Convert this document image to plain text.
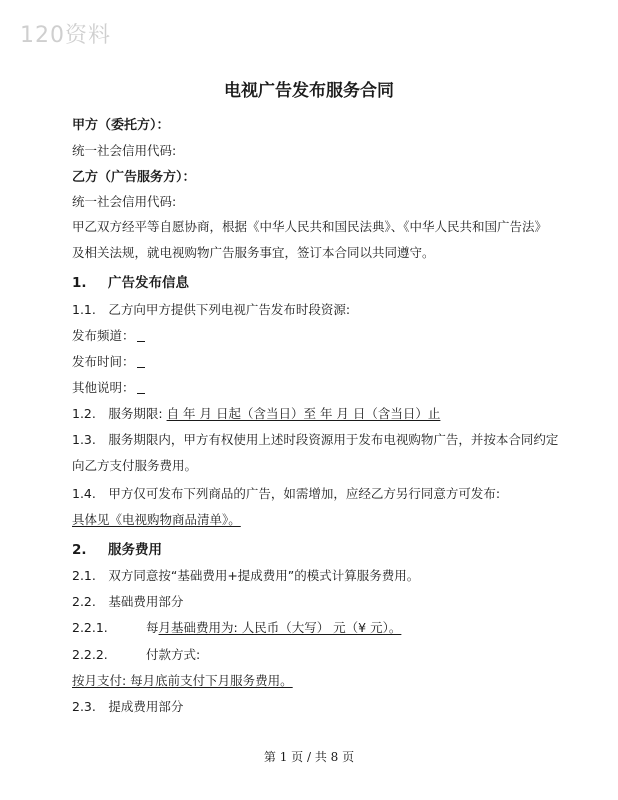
120资料
电视广告发布服务合同
甲方（委托方）：
统一社会信用代码:
乙方（广告服务方）：
统一社会信用代码:
甲乙双方经平等自愿协商，根据《中华人民共和国民法典》、《中华人民共和国广告法》
及相关法规，就电视购物广告服务事宜，签订本合同以共同遵守。
1. 广告发布信息
1.1.　乙方向甲方提供下列电视广告发布时段资源:
发布频道：
发布时间：
其他说明：
1.2.　服务期限: 自 年 月 日起（含当日）至 年 月 日（含当日）止
1.3.　服务期限内，甲方有权使用上述时段资源用于发布电视购物广告，并按本合同约定
向乙方支付服务费用。
1.4.　甲方仅可发布下列商品的广告，如需增加，应经乙方另行同意方可发布:
具体见《电视购物商品清单》。
2. 服务费用
2.1.　双方同意按“基础费用+提成费用”的模式计算服务费用。
2.2.　基础费用部分
2.2.1.	每月基础费用为: 人民币（大写） 元（¥ 元）。
2.2.2.	付款方式:
按月支付: 每月底前支付下月服务费用。
2.3.　提成费用部分
第 1 页 / 共 8 页
